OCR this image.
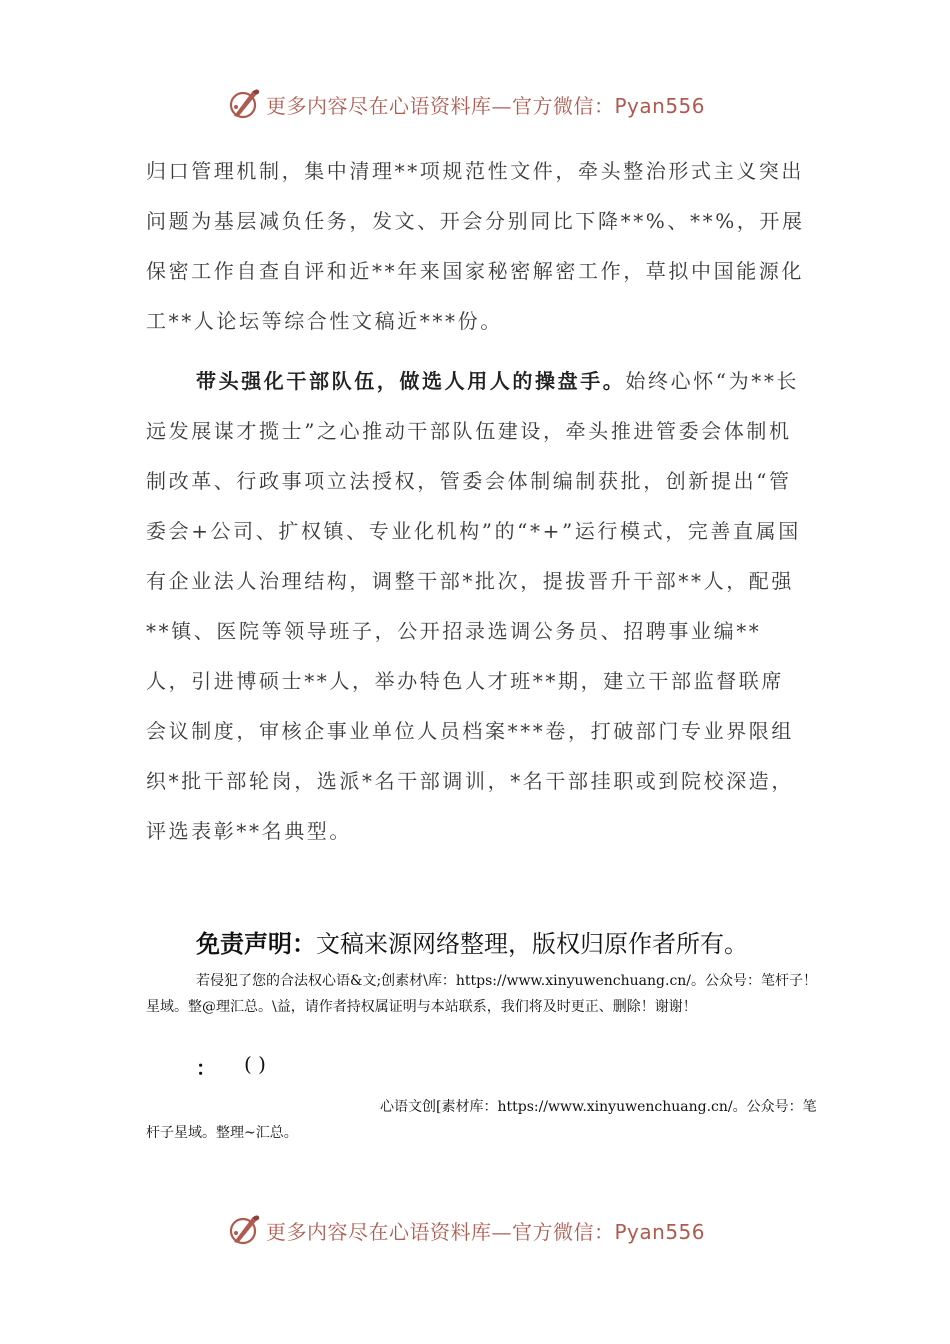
更多内容尽在心语资料库—官方微信：Pyan556

归口管理机制，集中清理**项规范性文件，牵头整治形式主义突出问题为基层减负任务，发文、开会分别同比下降**%、**%，开展保密工作自查自评和近**年来国家秘密解密工作，草拟中国能源化工**人论坛等综合性文稿近***份。

带头强化干部队伍，做选人用人的操盘手。始终心怀“为**长远发展谋才揽士”之心推动干部队伍建设，牵头推进管委会体制机制改革、行政事项立法授权，管委会体制编制获批，创新提出“管委会+公司、扩权镇、专业化机构”的“*+”运行模式，完善直属国有企业法人治理结构，调整干部*批次，提拔晋升干部**人，配强**镇、医院等领导班子，公开招录选调公务员、招聘事业编**人，引进博硕士**人，举办特色人才班**期，建立干部监督联席会议制度，审核企事业单位人员档案***卷，打破部门专业界限组织*批干部轮岗，选派*名干部调训，*名干部挂职或到院校深造，评选表彰**名典型。

免责声明：文稿来源网络整理，版权归原作者所有。
若侵犯了您的合法权心语&文;创素材\库：https://www.xinyuwenchuang.cn/。公众号：笔杆子！星域。整@理汇总。\益，请作者持权属证明与本站联系，我们将及时更正、删除！谢谢！
： ( )
心语文创[素材库：https://www.xinyuwenchuang.cn/。公众号：笔杆子星域。整理~汇总。
更多内容尽在心语资料库—官方微信：Pyan556
